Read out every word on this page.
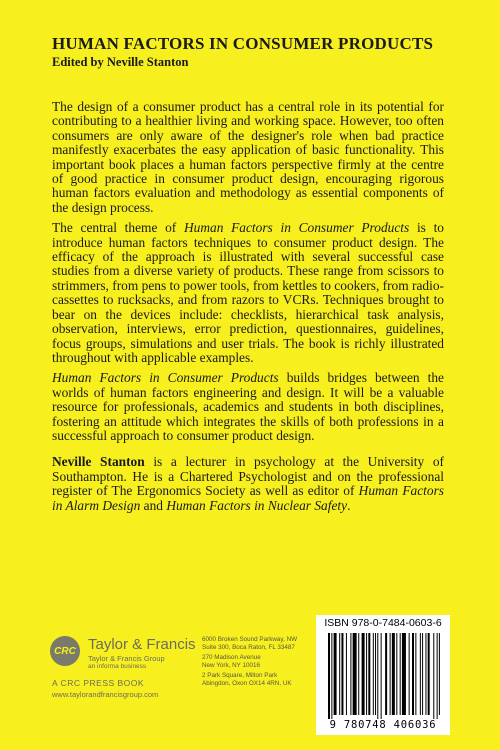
HUMAN FACTORS IN CONSUMER PRODUCTS
Edited by Neville Stanton

The design of a consumer product has a central role in its potential for contributing to a healthier living and working space. However, too often consumers are only aware of the designer's role when bad practice manifestly exacerbates the easy application of basic functionality. This important book places a human factors perspective firmly at the centre of good practice in consumer product design, encouraging rigorous human factors evaluation and methodology as essential components of the design process.

The central theme of Human Factors in Consumer Products is to introduce human factors techniques to consumer product design. The efficacy of the approach is illustrated with several successful case studies from a diverse variety of products. These range from scissors to strimmers, from pens to power tools, from kettles to cookers, from radio-cassettes to rucksacks, and from razors to VCRs. Techniques brought to bear on the devices include: checklists, hierarchical task analysis, observation, interviews, error prediction, questionnaires, guidelines, focus groups, simulations and user trials. The book is richly illustrated throughout with applicable examples.

Human Factors in Consumer Products builds bridges between the worlds of human factors engineering and design. It will be a valuable resource for professionals, academics and students in both disciplines, fostering an attitude which integrates the skills of both professions in a successful approach to consumer product design.

Neville Stanton is a lecturer in psychology at the University of Southampton. He is a Chartered Psychologist and on the professional register of The Ergonomics Society as well as editor of Human Factors in Alarm Design and Human Factors in Nuclear Safety.

CRC Taylor & Francis
Taylor & Francis Group
an informa business
A CRC PRESS BOOK
www.taylorandfrancisgroup.com
6000 Broken Sound Parkway, NW
Suite 300, Boca Raton, FL 33487
270 Madison Avenue
New York, NY 10016
2 Park Square, Milton Park
Abingdon, Oxon OX14 4RN, UK
ISBN 978-0-7484-0603-6
9 780748 406036
